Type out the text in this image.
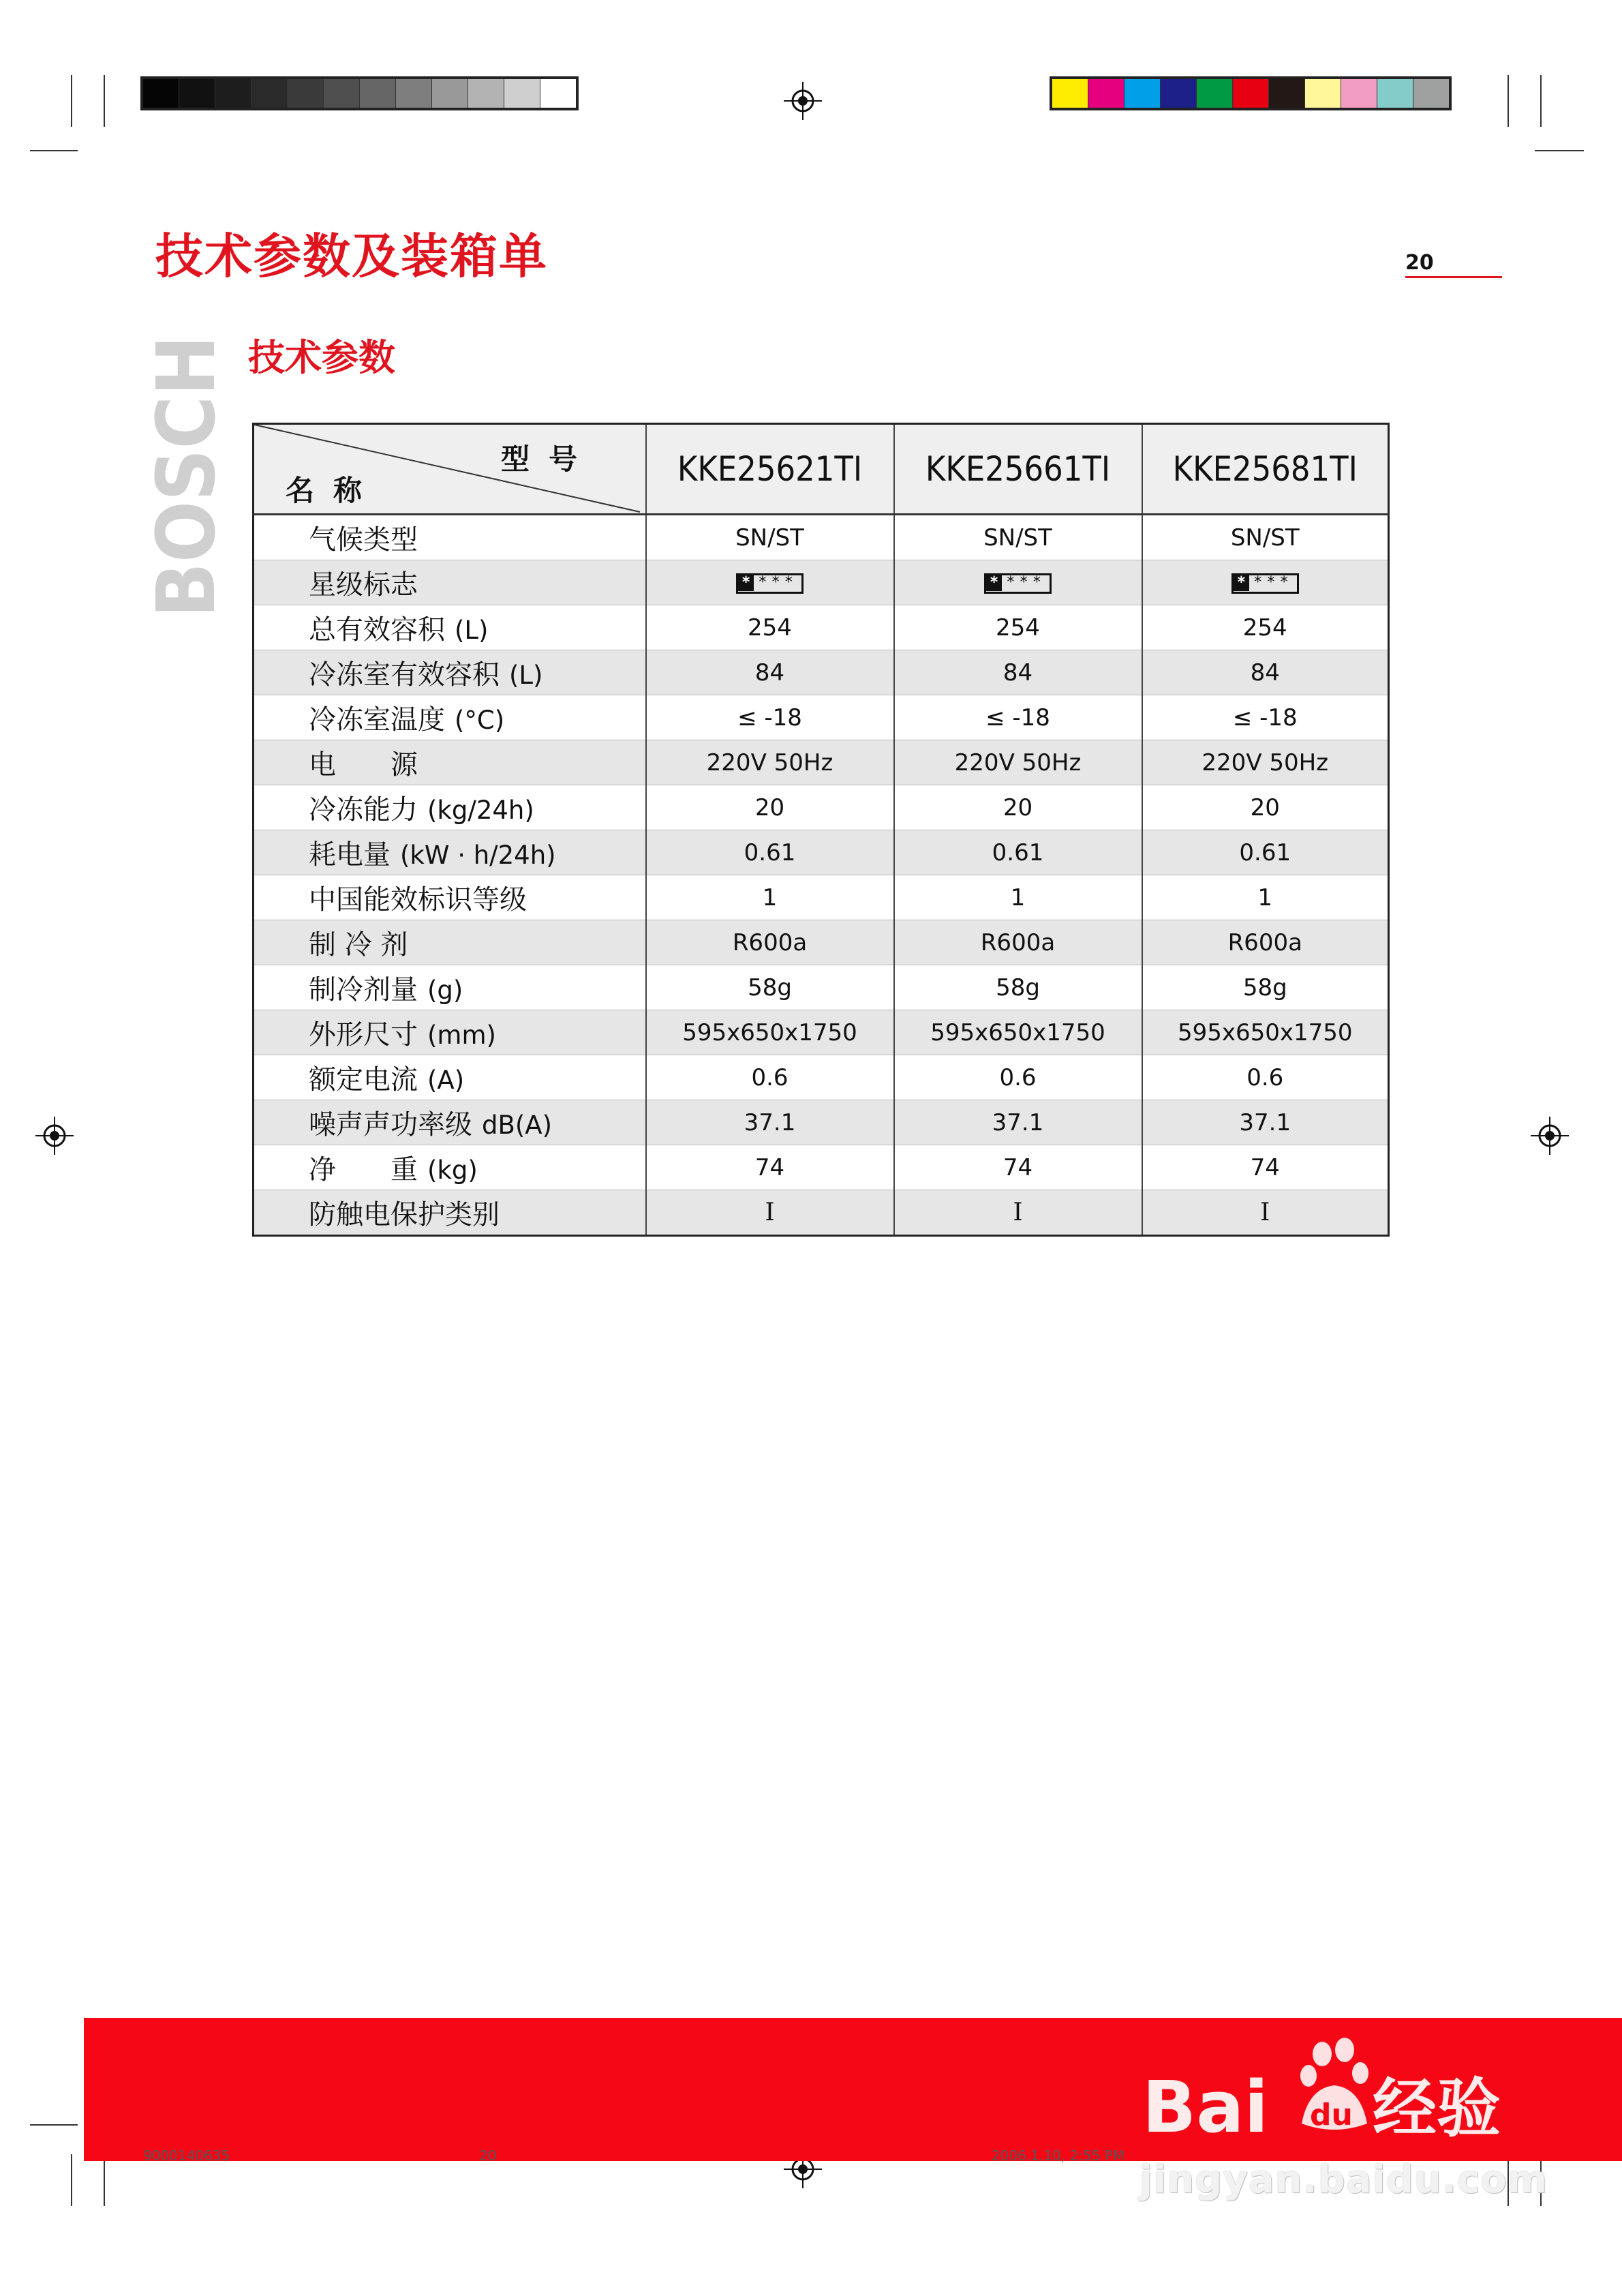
技术参数及装箱单	20
技术参数
BOSCH	型号
名称	KKE25621TI	KKE25661TI	KKE25681TI
气候类型	SN/ST	SN/ST	SN/ST
星级标志	* ***	* ***	* ***
总有效容积 (L)	254	254	254
冷冻室有效容积 (L)	84	84	84
冷冻室温度 (°C)	≤ -18	≤ -18	≤ -18
电　　源	220V 50Hz	220V 50Hz	220V 50Hz
冷冻能力 (kg/24h)	20	20	20
耗电量 (kW · h/24h)	0.61	0.61	0.61
中国能效标识等级	1	1	1
制 冷 剂	R600a	R600a	R600a
制冷剂量 (g)	58g	58g	58g
外形尺寸 (mm)	595x650x1750	595x650x1750	595x650x1750
额定电流 (A)	0.6	0.6	0.6
噪声声功率级 dB(A)	37.1	37.1	37.1
净　　重 (kg)	74	74	74
防触电保护类别	I	I	I
9000140635	20	2006.1.10, 2:55 PM
Bai du 经验
jingyan.baidu.com
